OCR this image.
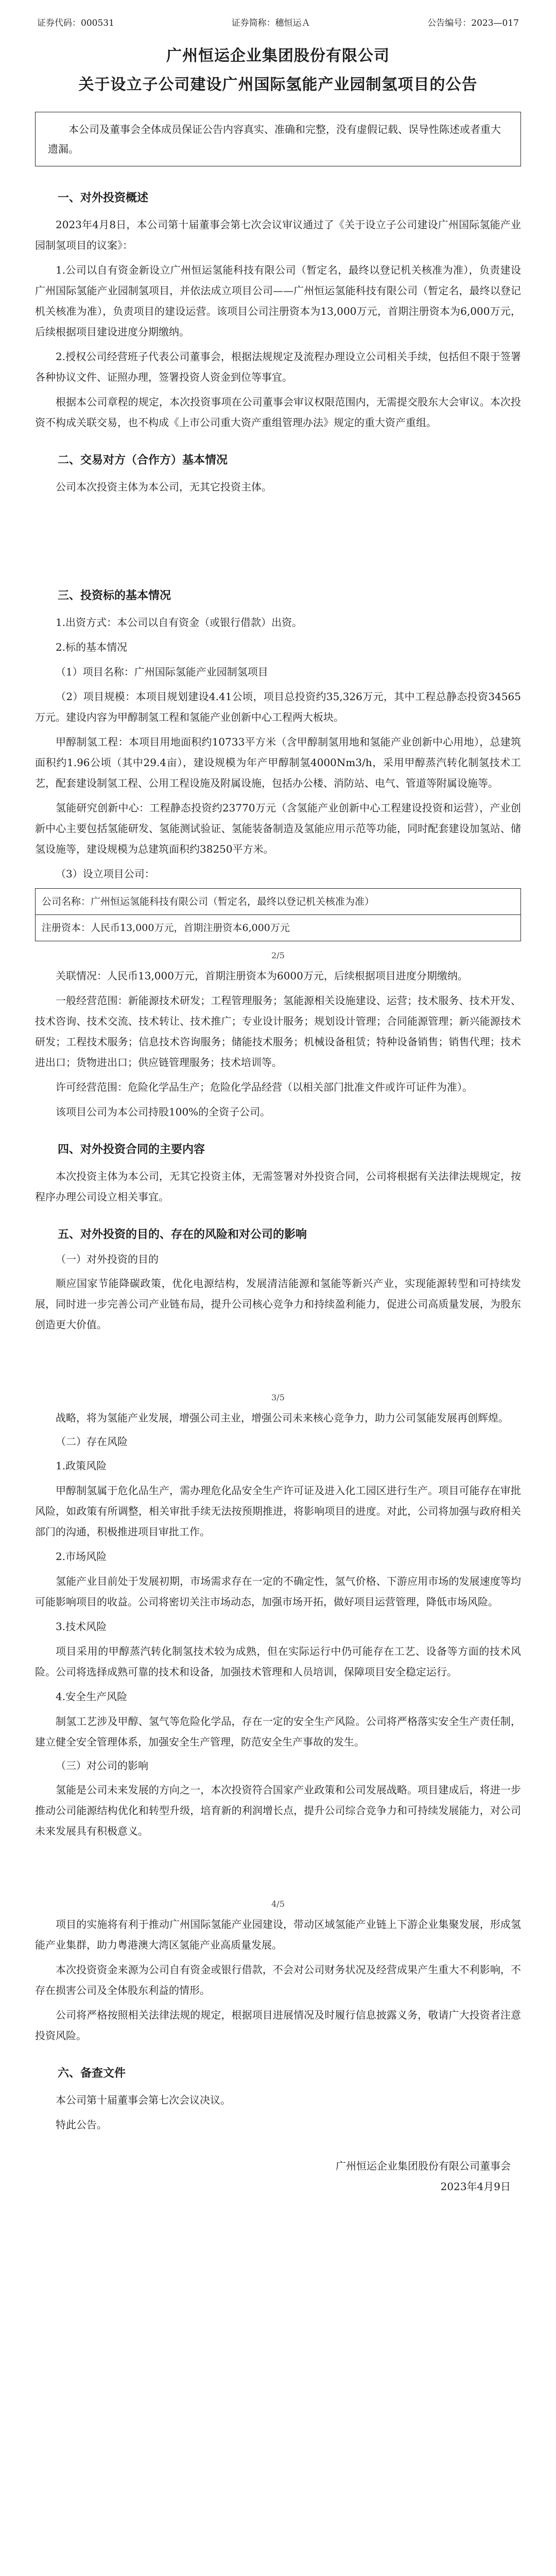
证券代码：000531	证券简称：穗恒运Ａ	公告编号：2023—017
广州恒运企业集团股份有限公司
关于设立子公司建设广州国际氢能产业园制氢项目的公告
本公司及董事会全体成员保证公告内容真实、准确和完整，没有虚假记载、误导性陈述或者重大遗漏。
一、对外投资概述

2023年4月8日，本公司第十届董事会第七次会议审议通过了《关于设立子公司建设广州国际氢能产业园制氢项目的议案》：

1.公司以自有资金新设立广州恒运氢能科技有限公司（暂定名，最终以登记机关核准为准），负责建设广州国际氢能产业园制氢项目，并依法成立项目公司——广州恒运氢能科技有限公司（暂定名，最终以登记机关核准为准），负责项目的建设运营。该项目公司注册资本为13,000万元，首期注册资本为6,000万元，后续根据项目建设进度分期缴纳。

2.授权公司经营班子代表公司董事会，根据法规规定及流程办理设立公司相关手续，包括但不限于签署各种协议文件、证照办理，签署投资人资金到位等事宜。

根据本公司章程的规定，本次投资事项在公司董事会审议权限范围内，无需提交股东大会审议。本次投资不构成关联交易，也不构成《上市公司重大资产重组管理办法》规定的重大资产重组。

二、交易对方（合作方）基本情况

公司本次投资主体为本公司，无其它投资主体。

三、投资标的基本情况

1.出资方式：本公司以自有资金（或银行借款）出资。

2.标的基本情况

（1）项目名称：广州国际氢能产业园制氢项目

（2）项目规模：本项目规划建设4.41公顷，项目总投资约35,326万元，其中工程总静态投资34565万元。建设内容为甲醇制氢工程和氢能产业创新中心工程两大板块。

甲醇制氢工程：本项目用地面积约10733平方米（含甲醇制氢用地和氢能产业创新中心用地），总建筑面积约1.96公顷（其中29.4亩），建设规模为年产甲醇制氢4000Nm3/h，采用甲醇蒸汽转化制氢技术工艺，配套建设制氢工程、公用工程设施及附属设施，包括办公楼、消防站、电气、管道等附属设施等。

氢能研究创新中心：工程静态投资约23770万元（含氢能产业创新中心工程建设投资和运营），产业创新中心主要包括氢能研发、氢能测试验证、氢能装备制造及氢能应用示范等功能，同时配套建设加氢站、储氢设施等，建设规模为总建筑面积约38250平方米。

（3）设立项目公司：

公司名称：广州恒运氢能科技有限公司（暂定名，最终以登记机关核准为准）
注册资本：人民币13,000万元，首期注册资本6,000万元
2/5

关联情况：人民币13,000万元，首期注册资本为6000万元，后续根据项目进度分期缴纳。

一般经营范围：新能源技术研发；工程管理服务；氢能源相关设施建设、运营；技术服务、技术开发、技术咨询、技术交流、技术转让、技术推广；专业设计服务；规划设计管理；合同能源管理；新兴能源技术研发；工程技术服务；信息技术咨询服务；储能技术服务；机械设备租赁；特种设备销售；销售代理；技术进出口；货物进出口；供应链管理服务；技术培训等。

许可经营范围：危险化学品生产；危险化学品经营（以相关部门批准文件或许可证件为准）。

该项目公司为本公司持股100%的全资子公司。

四、对外投资合同的主要内容

本次投资主体为本公司，无其它投资主体，无需签署对外投资合同，公司将根据有关法律法规规定，按程序办理公司设立相关事宜。

五、对外投资的目的、存在的风险和对公司的影响
（一）对外投资的目的

顺应国家节能降碳政策，优化电源结构，发展清洁能源和氢能等新兴产业，实现能源转型和可持续发展，同时进一步完善公司产业链布局，提升公司核心竞争力和持续盈利能力，促进公司高质量发展，为股东创造更大价值。

3/5

战略，将为氢能产业发展，增强公司主业，增强公司未来核心竞争力，助力公司氢能发展再创辉煌。

（二）存在风险

1.政策风险

甲醇制氢属于危化品生产，需办理危化品安全生产许可证及进入化工园区进行生产。项目可能存在审批风险，如政策有所调整，相关审批手续无法按预期推进，将影响项目的进度。对此，公司将加强与政府相关部门的沟通，积极推进项目审批工作。

2.市场风险

氢能产业目前处于发展初期，市场需求存在一定的不确定性，氢气价格、下游应用市场的发展速度等均可能影响项目的收益。公司将密切关注市场动态，加强市场开拓，做好项目运营管理，降低市场风险。

3.技术风险

项目采用的甲醇蒸汽转化制氢技术较为成熟，但在实际运行中仍可能存在工艺、设备等方面的技术风险。公司将选择成熟可靠的技术和设备，加强技术管理和人员培训，保障项目安全稳定运行。

4.安全生产风险

制氢工艺涉及甲醇、氢气等危险化学品，存在一定的安全生产风险。公司将严格落实安全生产责任制，建立健全安全管理体系，加强安全生产管理，防范安全生产事故的发生。

（三）对公司的影响

氢能是公司未来发展的方向之一，本次投资符合国家产业政策和公司发展战略。项目建成后，将进一步推动公司能源结构优化和转型升级，培育新的利润增长点，提升公司综合竞争力和可持续发展能力，对公司未来发展具有积极意义。

4/5

项目的实施将有利于推动广州国际氢能产业园建设，带动区域氢能产业链上下游企业集聚发展，形成氢能产业集群，助力粤港澳大湾区氢能产业高质量发展。

本次投资资金来源为公司自有资金或银行借款，不会对公司财务状况及经营成果产生重大不利影响，不存在损害公司及全体股东利益的情形。

公司将严格按照相关法律法规的规定，根据项目进展情况及时履行信息披露义务，敬请广大投资者注意投资风险。

六、备查文件

本公司第十届董事会第七次会议决议。

特此公告。

广州恒运企业集团股份有限公司董事会
2023年4月9日
